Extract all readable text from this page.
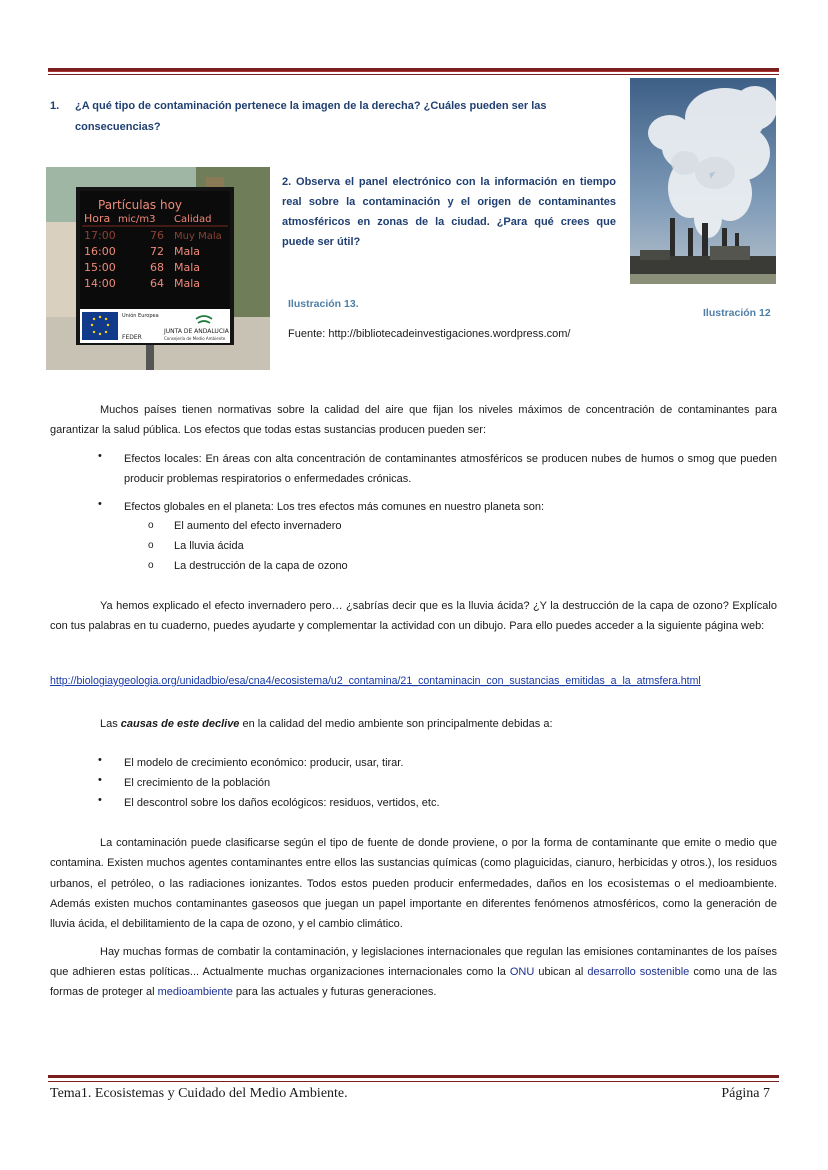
1.	¿A qué tipo de contaminación pertenece la imagen de la derecha? ¿Cuáles pueden ser las consecuencias?
Partículas hoy
Hora mic/m3 Calidad
17:00	76 Muy Mala
16:00	72 Mala
15:00	68 Mala
14:00	64 Mala
Unión Europea
FEDER
JUNTA DE ANDALUCIA
Consejería de Medio Ambiente
2. Observa el panel electrónico con la información en tiempo real sobre la contaminación y el origen de contaminantes atmosféricos en zonas de la ciudad. ¿Para qué crees que puede ser útil?
Ilustración 13.
Ilustración 12
Fuente: http://bibliotecadeinvestigaciones.wordpress.com/
Muchos países tienen normativas sobre la calidad del aire que fijan los niveles máximos de concentración de contaminantes para garantizar la salud pública. Los efectos que todas estas sustancias producen pueden ser:
• Efectos locales: En áreas con alta concentración de contaminantes atmosféricos se producen nubes de humos o smog que pueden producir problemas respiratorios o enfermedades crónicas.
• Efectos globales en el planeta: Los tres efectos más comunes en nuestro planeta son:
o El aumento del efecto invernadero
o La lluvia ácida
o La destrucción de la capa de ozono
Ya hemos explicado el efecto invernadero pero… ¿sabrías decir que es la lluvia ácida? ¿Y la destrucción de la capa de ozono? Explícalo con tus palabras en tu cuaderno, puedes ayudarte y complementar la actividad con un dibujo. Para ello puedes acceder a la siguiente página web:
http://biologiaygeologia.org/unidadbio/esa/cna4/ecosistema/u2_contamina/21_contaminacin_con_sustancias_emitidas_a_la_atmsfera.html
Las causas de este declive en la calidad del medio ambiente son principalmente debidas a:
• El modelo de crecimiento económico: producir, usar, tirar.
• El crecimiento de la población
• El descontrol sobre los daños ecológicos: residuos, vertidos, etc.
La contaminación puede clasificarse según el tipo de fuente de donde proviene, o por la forma de contaminante que emite o medio que contamina. Existen muchos agentes contaminantes entre ellos las sustancias químicas (como plaguicidas, cianuro, herbicidas y otros.), los residuos urbanos, el petróleo, o las radiaciones ionizantes. Todos estos pueden producir enfermedades, daños en los ecosistemas o el medioambiente. Además existen muchos contaminantes gaseosos que juegan un papel importante en diferentes fenómenos atmosféricos, como la generación de lluvia ácida, el debilitamiento de la capa de ozono, y el cambio climático.
Hay muchas formas de combatir la contaminación, y legislaciones internacionales que regulan las emisiones contaminantes de los países que adhieren estas políticas... Actualmente muchas organizaciones internacionales como la ONU ubican al desarrollo sostenible como una de las formas de proteger al medioambiente para las actuales y futuras generaciones.
Tema1. Ecosistemas y Cuidado del Medio Ambiente.	Página 7
